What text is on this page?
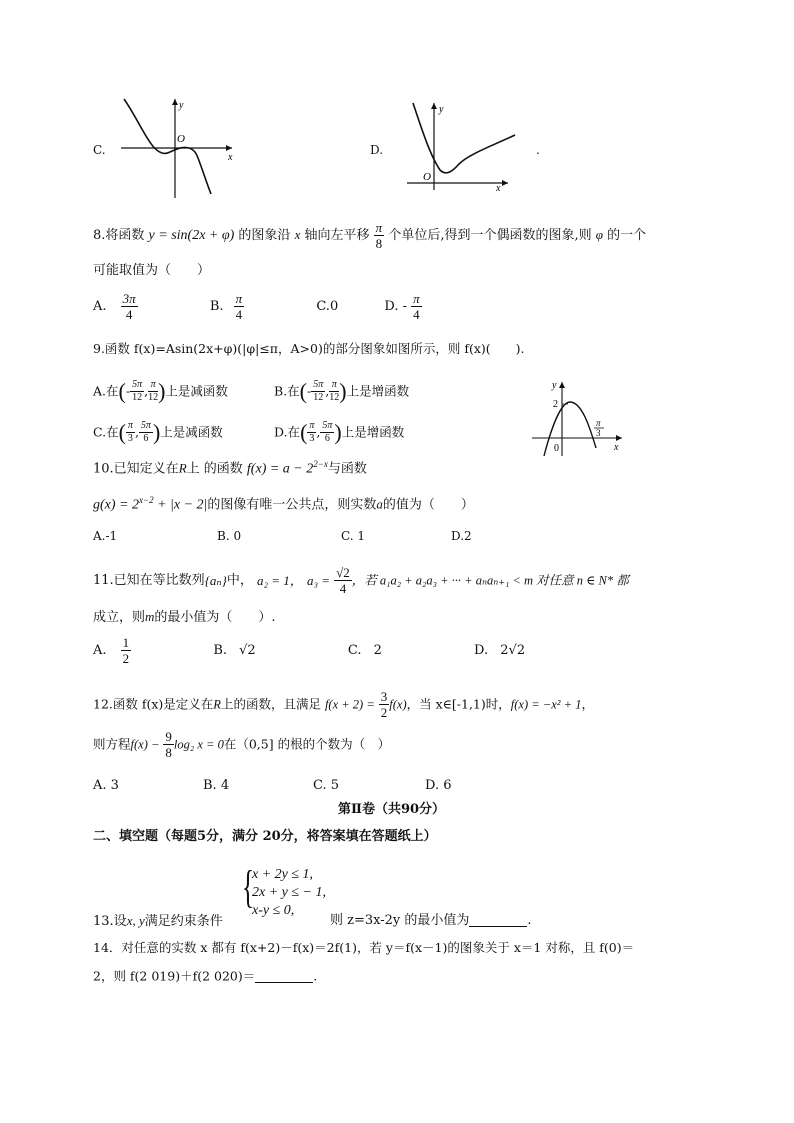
C.
y
x
O
D.
y
x
O
.
8.将函数 y = sin(2x + φ) 的图象沿 x 轴向左平移 $\frac{\pi}{8}$ 个单位后,得到一个偶函数的图象,则 φ 的一个
可能取值为（　　）
A. $\frac{3\pi}{4}$	B. $\frac{\pi}{4}$	C.0	D. - $\frac{\pi}{4}$
9.函数 f(x)=Asin(2x+φ)(|φ|≤π，A>0)的部分图象如图所示，则 f(x)(　　).
A.在(- $\frac{5\pi}{12}$ , $\frac{\pi}{12}$ )上是减函数	B.在(- $\frac{5\pi}{12}$ , $\frac{\pi}{12}$ )上是增函数
C.在( $\frac{\pi}{3}$ , $\frac{5\pi}{6}$ )上是减函数	D.在( $\frac{\pi}{3}$ , $\frac{5\pi}{6}$ )上是增函数
y
x
0
2
π
3
10.已知定义在R上 的函数 $f(x) = a - 2^{2-x}$与函数
$g(x) = 2^{x-2} + |x - 2|$的图像有唯一公共点，则实数a的值为（　　）
A.-1	B. 0	C. 1	D.2
11.已知在等比数列{aₙ}中， a₂ = 1， $a_3 = \frac{√2}{4}$ ，若 a₁a₂ + a₂a₃ + ··· + aₙaₙ₊₁ < m 对任意 n ∈ N* 都
成立，则m的最小值为（　　）.
A. $\frac{1}{2}$	B. √2	C. 2	D. 2√2
12.函数 f(x)是定义在R上的函数，且满足 $f(x + 2) = \frac{3}{2} f(x)$，当 x∈[-1,1)时，f(x) = −x² + 1，
则方程$f(x) - \frac{9}{8} \log_2$ x = 0在（0,5] 的根的个数为（　）
A. 3	B. 4	C. 5	D. 6
第Ⅱ卷（共90分）
二、填空题（每题5分，满分 20分，将答案填在答题纸上）
{
x + 2y ≤ 1,
2x + y ≤ − 1,
x-y ≤ 0,
13.设x, y满足约束条件	则 z=3x-2y 的最小值为	.
14．对任意的实数 x 都有 f(x+2)－f(x)＝2f(1)，若 y＝f(x－1)的图象关于 x＝1 对称，且 f(0)＝
2，则 f(2 019)＋f(2 020)＝	.
